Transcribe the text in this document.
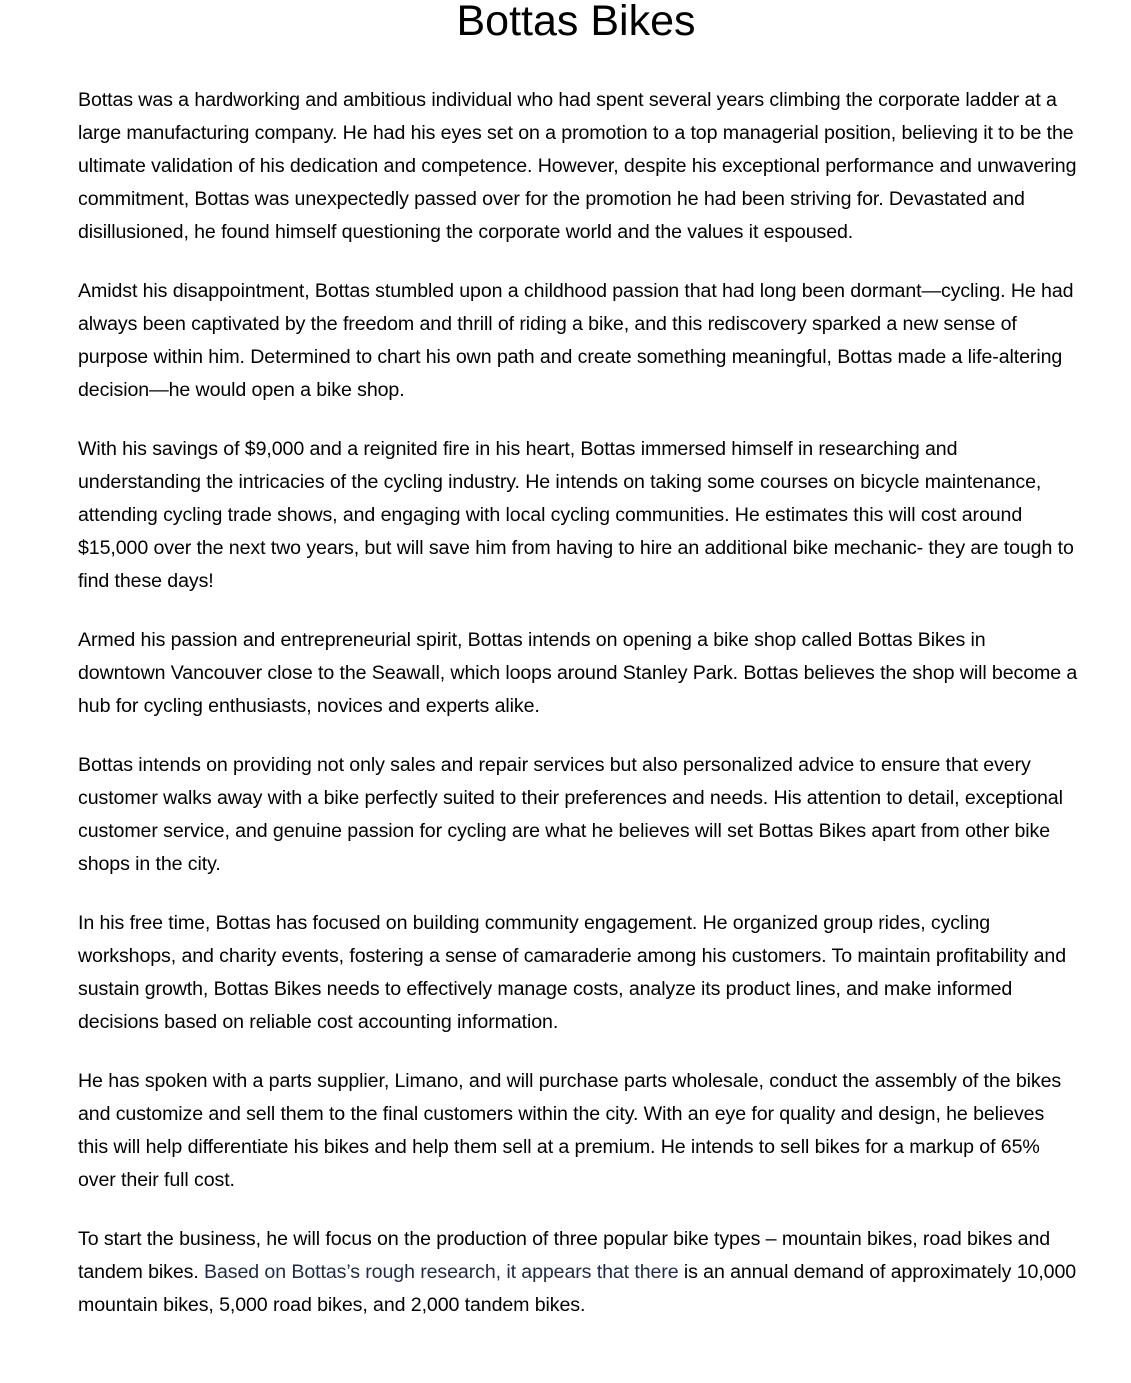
Bottas Bikes

Bottas was a hardworking and ambitious individual who had spent several years climbing the corporate ladder at a large manufacturing company. He had his eyes set on a promotion to a top managerial position, believing it to be the ultimate validation of his dedication and competence. However, despite his exceptional performance and unwavering commitment, Bottas was unexpectedly passed over for the promotion he had been striving for. Devastated and disillusioned, he found himself questioning the corporate world and the values it espoused.

Amidst his disappointment, Bottas stumbled upon a childhood passion that had long been dormant—cycling. He had always been captivated by the freedom and thrill of riding a bike, and this rediscovery sparked a new sense of purpose within him. Determined to chart his own path and create something meaningful, Bottas made a life-altering decision—he would open a bike shop.

With his savings of $9,000 and a reignited fire in his heart, Bottas immersed himself in researching and understanding the intricacies of the cycling industry. He intends on taking some courses on bicycle maintenance, attending cycling trade shows, and engaging with local cycling communities. He estimates this will cost around $15,000 over the next two years, but will save him from having to hire an additional bike mechanic- they are tough to find these days!

Armed his passion and entrepreneurial spirit, Bottas intends on opening a bike shop called Bottas Bikes in downtown Vancouver close to the Seawall, which loops around Stanley Park. Bottas believes the shop will become a hub for cycling enthusiasts, novices and experts alike.

Bottas intends on providing not only sales and repair services but also personalized advice to ensure that every customer walks away with a bike perfectly suited to their preferences and needs. His attention to detail, exceptional customer service, and genuine passion for cycling are what he believes will set Bottas Bikes apart from other bike shops in the city.

In his free time, Bottas has focused on building community engagement. He organized group rides, cycling workshops, and charity events, fostering a sense of camaraderie among his customers. To maintain profitability and sustain growth, Bottas Bikes needs to effectively manage costs, analyze its product lines, and make informed decisions based on reliable cost accounting information.

He has spoken with a parts supplier, Limano, and will purchase parts wholesale, conduct the assembly of the bikes and customize and sell them to the final customers within the city. With an eye for quality and design, he believes this will help differentiate his bikes and help them sell at a premium. He intends to sell bikes for a markup of 65% over their full cost.

To start the business, he will focus on the production of three popular bike types – mountain bikes, road bikes and tandem bikes. Based on Bottas’s rough research, it appears that there is an annual demand of approximately 10,000 mountain bikes, 5,000 road bikes, and 2,000 tandem bikes.
